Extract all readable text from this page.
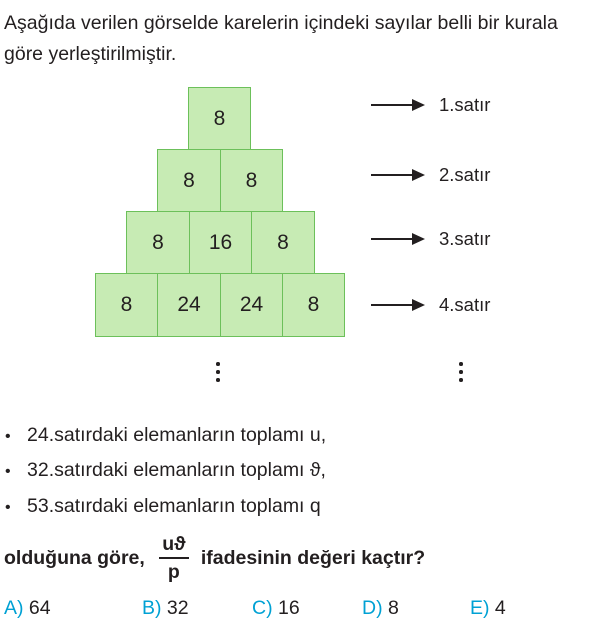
Aşağıda verilen görselde karelerin içindeki sayılar belli bir kurala göre yerleştirilmiştir.
8
8	8
8	16	8
8	24	24	8
1.satır
2.satır
3.satır
4.satır
• 24.satırdaki elemanların toplamı u,
• 32.satırdaki elemanların toplamı ϑ,
• 53.satırdaki elemanların toplamı q
olduğuna göre, $\frac{uϑ}{p}$ ifadesinin değeri kaçtır?
A) 64	B) 32	C) 16	D) 8	E) 4
